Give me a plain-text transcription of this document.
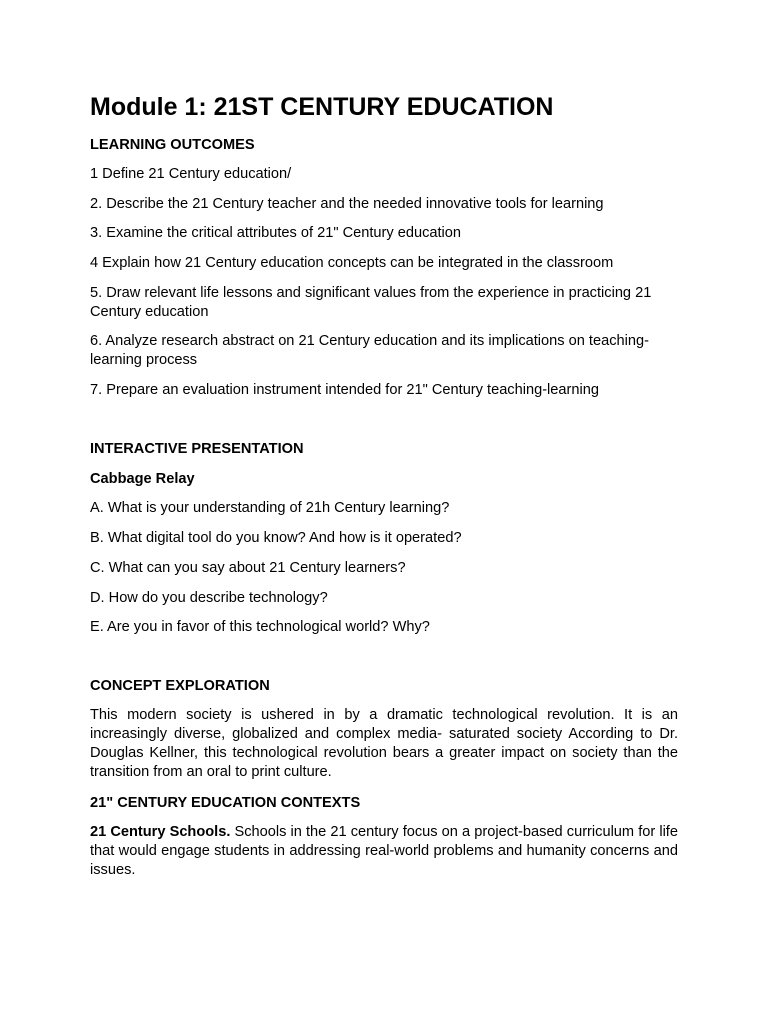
Module 1: 21ST CENTURY EDUCATION

LEARNING OUTCOMES

1 Define 21 Century education/

2. Describe the 21 Century teacher and the needed innovative tools for learning

3. Examine the critical attributes of 21" Century education

4 Explain how 21 Century education concepts can be integrated in the classroom

5. Draw relevant life lessons and significant values from the experience in practicing 21 Century education

6. Analyze research abstract on 21 Century education and its implications on teaching-learning process

7. Prepare an evaluation instrument intended for 21" Century teaching-learning

INTERACTIVE PRESENTATION

Cabbage Relay

A. What is your understanding of 21h Century learning?

B. What digital tool do you know? And how is it operated?

C. What can you say about 21 Century learners?

D. How do you describe technology?

E. Are you in favor of this technological world? Why?

CONCEPT EXPLORATION

This modern society is ushered in by a dramatic technological revolution. It is an increasingly diverse, globalized and complex media- saturated society According to Dr. Douglas Kellner, this technological revolution bears a greater impact on society than the transition from an oral to print culture.

21" CENTURY EDUCATION CONTEXTS

21 Century Schools. Schools in the 21 century focus on a project-based curriculum for life that would engage students in addressing real-world problems and humanity concerns and issues.
